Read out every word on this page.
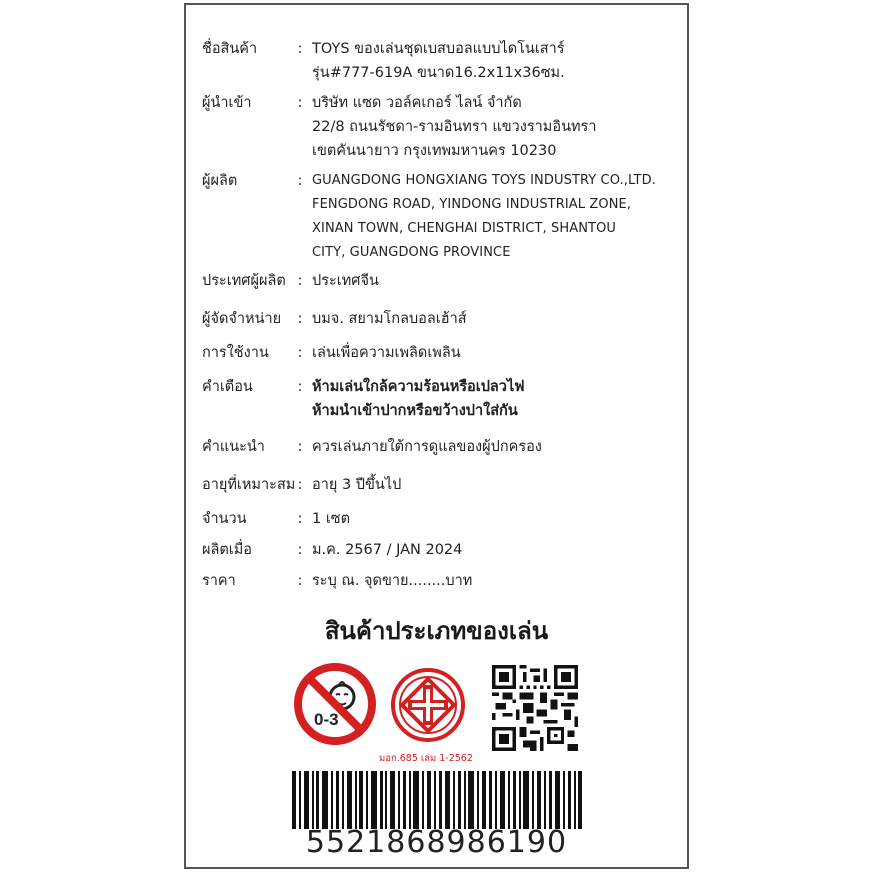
ชื่อสินค้า	: TOYS ของเล่นชุดเบสบอลแบบไดโนเสาร์
รุ่น#777-619A ขนาด16.2x11x36ซม.
ผู้นำเข้า	: บริษัท แซด วอล์คเกอร์ ไลน์ จำกัด
22/8 ถนนรัชดา-รามอินทรา แขวงรามอินทรา
เขตคันนายาว กรุงเทพมหานคร 10230
ผู้ผลิต	: GUANGDONG HONGXIANG TOYS INDUSTRY CO.,LTD.
FENGDONG ROAD, YINDONG INDUSTRIAL ZONE,
XINAN TOWN, CHENGHAI DISTRICT, SHANTOU
CITY, GUANGDONG PROVINCE
ประเทศผู้ผลิต : ประเทศจีน
ผู้จัดจำหน่าย	: บมจ. สยามโกลบอลเฮ้าส์
การใช้งาน	: เล่นเพื่อความเพลิดเพลิน
คำเตือน	: ห้ามเล่นใกล้ความร้อนหรือเปลวไฟ
ห้ามนำเข้าปากหรือขว้างปาใส่กัน
คำแนะนำ	: ควรเล่นภายใต้การดูแลของผู้ปกครอง
อายุที่เหมาะสม : อายุ 3 ปีขึ้นไป
จำนวน	: 1 เซต
ผลิตเมื่อ	: ม.ค. 2567 / JAN 2024
ราคา	: ระบุ ณ. จุดขาย........บาท
สินค้าประเภทของเล่น
0-3
มอก.685 เล่ม 1-2562
5521868986190
